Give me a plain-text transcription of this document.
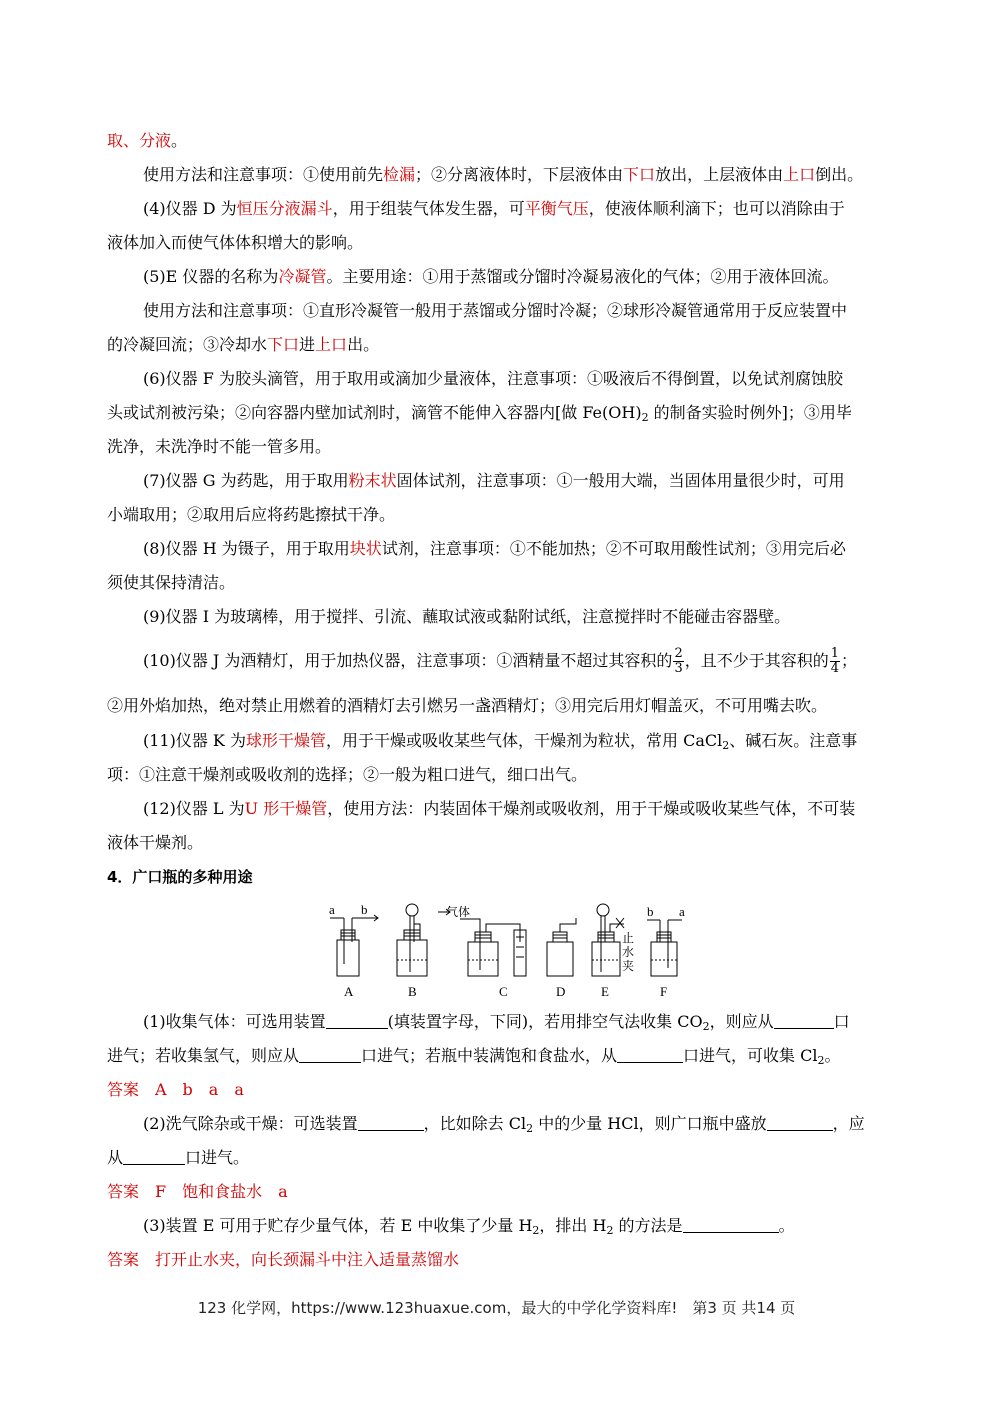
取、分液。
使用方法和注意事项：①使用前先检漏；②分离液体时，下层液体由下口放出，上层液体由上口倒出。
(4)仪器 D 为恒压分液漏斗，用于组装气体发生器，可平衡气压，使液体顺利滴下；也可以消除由于
液体加入而使气体体积增大的影响。
(5)E 仪器的名称为冷凝管。主要用途：①用于蒸馏或分馏时冷凝易液化的气体；②用于液体回流。
使用方法和注意事项：①直形冷凝管一般用于蒸馏或分馏时冷凝；②球形冷凝管通常用于反应装置中
的冷凝回流；③冷却水下口进上口出。
(6)仪器 F 为胶头滴管，用于取用或滴加少量液体，注意事项：①吸液后不得倒置，以免试剂腐蚀胶
头或试剂被污染；②向容器内壁加试剂时，滴管不能伸入容器内[做 $Fe(OH)_2$ 的制备实验时例外]；③用毕
洗净，未洗净时不能一管多用。
(7)仪器 G 为药匙，用于取用粉末状固体试剂，注意事项：①一般用大端，当固体用量很少时，可用
小端取用；②取用后应将药匙擦拭干净。
(8)仪器 H 为镊子，用于取用块状试剂，注意事项：①不能加热；②不可取用酸性试剂；③用完后必
须使其保持清洁。
(9)仪器 I 为玻璃棒，用于搅拌、引流、蘸取试液或黏附试纸，注意搅拌时不能碰击容器壁。
(10)仪器 J 为酒精灯，用于加热仪器，注意事项：①酒精量不超过其容积的 $\frac{2}{3}$ ，且不少于其容积的 $\frac{1}{4}$ ；
②用外焰加热，绝对禁止用燃着的酒精灯去引燃另一盏酒精灯；③用完后用灯帽盖灭，不可用嘴去吹。
(11)仪器 K 为球形干燥管，用于干燥或吸收某些气体，干燥剂为粒状，常用 CaCl$_2$、碱石灰。注意事
项：①注意干燥剂或吸收剂的选择；②一般为粗口进气，细口出气。
(12)仪器 L 为U 形干燥管，使用方法：内装固体干燥剂或吸收剂，用于干燥或吸收某些气体，不可装
液体干燥剂。
4．广口瓶的多种用途
a b	b a
气体
止
水
夹
A	B	C	D	E	F
(1)收集气体：可选用装置	(填装置字母，下同)，若用排空气法收集 $CO_2$，则应从	口
进气；若收集氢气，则应从	口进气；若瓶中装满饱和食盐水，从	口进气，可收集 $Cl_2$。
答案　A　b　a　a
(2)洗气除杂或干燥：可选装置	，比如除去 $Cl_2$ 中的少量 HCl，则广口瓶中盛放	，应
从	口进气。
答案　F　饱和食盐水　a
(3)装置 E 可用于贮存少量气体，若 E 中收集了少量 $H_2$，排出 $H_2$ 的方法是	。
答案　打开止水夹，向长颈漏斗中注入适量蒸馏水
123 化学网，https://www.123huaxue.com，最大的中学化学资料库!　第3 页 共14 页
